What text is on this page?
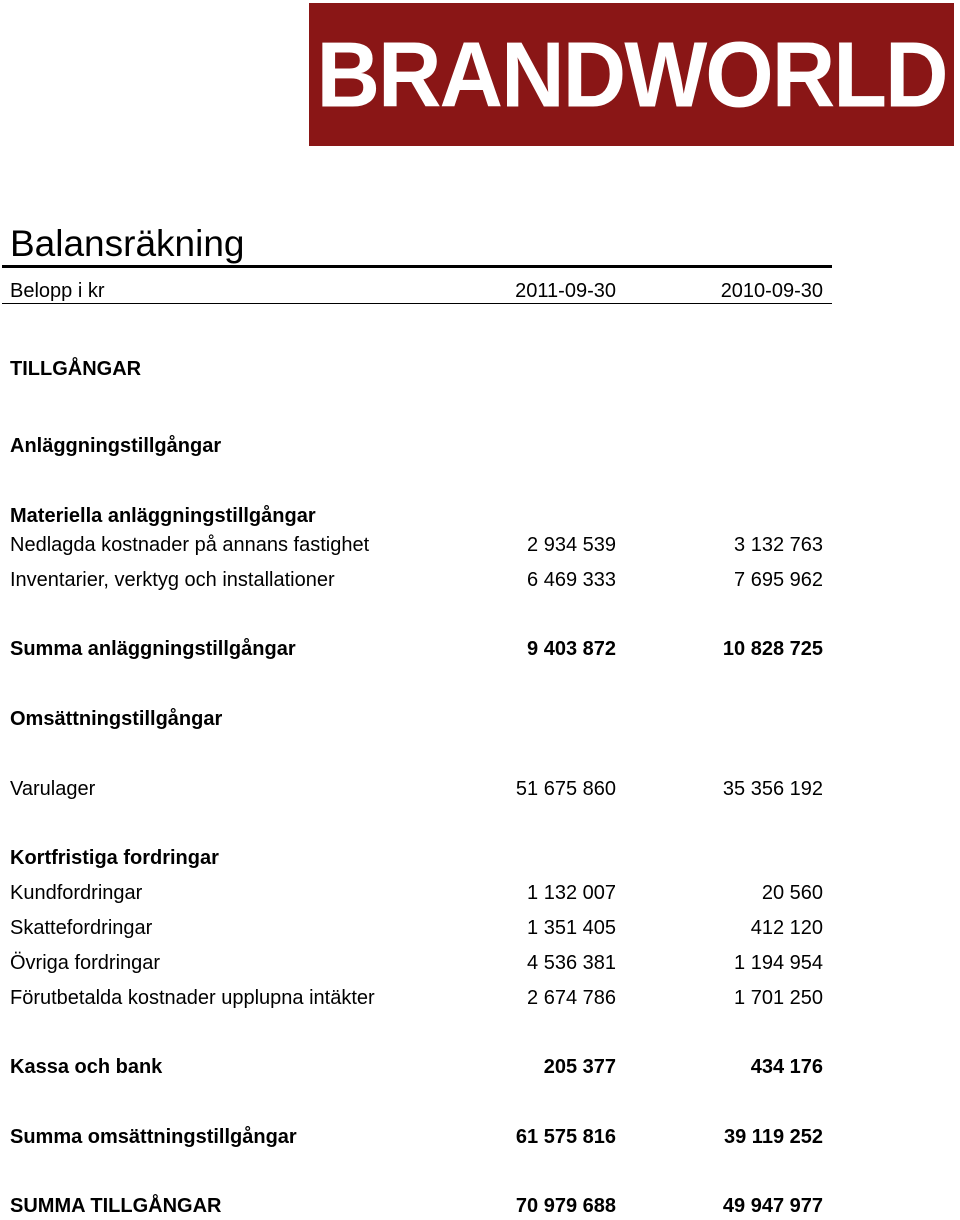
BRANDWORLD
Balansräkning
Belopp i kr	2011-09-30	2010-09-30
TILLGÅNGAR
Anläggningstillgångar
Materiella anläggningstillgångar
Nedlagda kostnader på annans fastighet	2 934 539	3 132 763
Inventarier, verktyg och installationer	6 469 333	7 695 962
Summa anläggningstillgångar	9 403 872	10 828 725
Omsättningstillgångar
Varulager	51 675 860	35 356 192
Kortfristiga fordringar
Kundfordringar	1 132 007	20 560
Skattefordringar	1 351 405	412 120
Övriga fordringar	4 536 381	1 194 954
Förutbetalda kostnader upplupna intäkter	2 674 786	1 701 250
Kassa och bank	205 377	434 176
Summa omsättningstillgångar	61 575 816	39 119 252
SUMMA TILLGÅNGAR	70 979 688	49 947 977
